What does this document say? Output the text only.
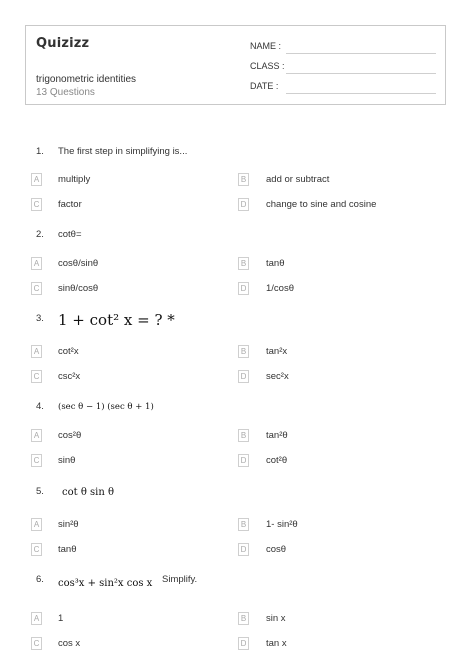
Quizizz
trigonometric identities
13 Questions
NAME :
CLASS :
DATE :
1. The first step in simplifying is...
A multiply	B add or subtract
C factor	D change to sine and cosine
2. cotθ=
A cosθ/sinθ	B tanθ
C sinθ/cosθ	D 1/cosθ
3. 1 + cot² x = ? *
A cot²x	B tan²x
C csc²x	D sec²x
4. (sec θ − 1) (sec θ + 1)
A cos²θ	B tan²θ
C sinθ	D cot²θ
5. cot θ sin θ
A sin²θ	B 1- sin²θ
C tanθ	D cosθ
6. cos³x + sin²x cos x Simplify.
A 1	B sin x
C cos x	D tan x
